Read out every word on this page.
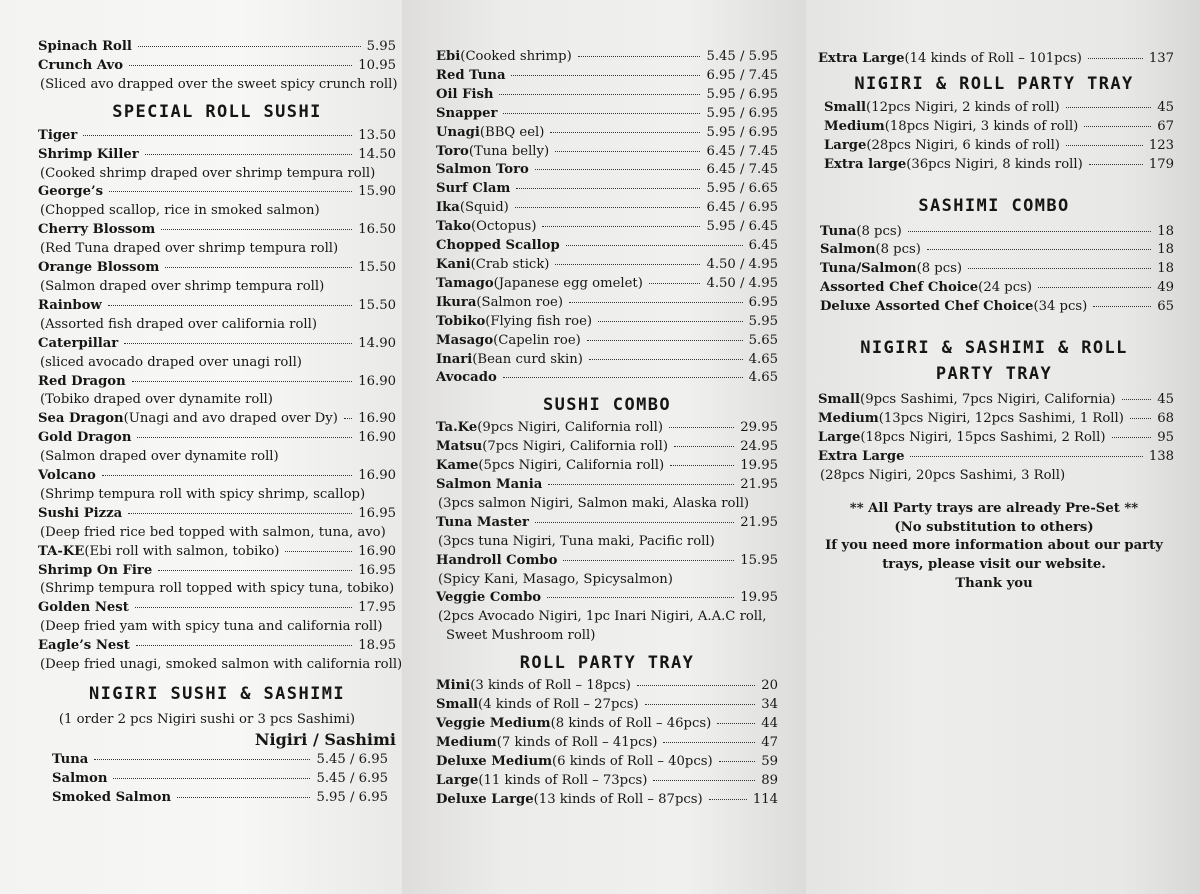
Spinach Roll	5.95
Crunch Avo	10.95
(Sliced avo drapped over the sweet spicy crunch roll)
SPECIAL ROLL SUSHI
Tiger	13.50
Shrimp Killer	14.50
(Cooked shrimp draped over shrimp tempura roll)
George’s	15.90
(Chopped scallop, rice in smoked salmon)
Cherry Blossom	16.50
(Red Tuna draped over shrimp tempura roll)
Orange Blossom	15.50
(Salmon draped over shrimp tempura roll)
Rainbow	15.50
(Assorted fish draped over california roll)
Caterpillar	14.90
(sliced avocado draped over unagi roll)
Red Dragon	16.90
(Tobiko draped over dynamite roll)
Sea Dragon (Unagi and avo draped over Dy) 16.90
Gold Dragon	16.90
(Salmon draped over dynamite roll)
Volcano	16.90
(Shrimp tempura roll with spicy shrimp, scallop)
Sushi Pizza	16.95
(Deep fried rice bed topped with salmon, tuna, avo)
TA-KE (Ebi roll with salmon, tobiko)	16.90
Shrimp On Fire	16.95
(Shrimp tempura roll topped with spicy tuna, tobiko)
Golden Nest	17.95
(Deep fried yam with spicy tuna and california roll)
Eagle’s Nest	18.95
(Deep fried unagi, smoked salmon with california roll)
NIGIRI SUSHI & SASHIMI
(1 order 2 pcs Nigiri sushi or 3 pcs Sashimi)
Nigiri / Sashimi
Tuna	5.45 / 6.95
Salmon	5.45 / 6.95
Smoked Salmon	5.95 / 6.95
Ebi (Cooked shrimp)	5.45 / 5.95
Red Tuna	6.95 / 7.45
Oil Fish	5.95 / 6.95
Snapper	5.95 / 6.95
Unagi (BBQ eel)	5.95 / 6.95
Toro (Tuna belly)	6.45 / 7.45
Salmon Toro	6.45 / 7.45
Surf Clam	5.95 / 6.65
Ika (Squid)	6.45 / 6.95
Tako (Octopus)	5.95 / 6.45
Chopped Scallop	6.45
Kani (Crab stick)	4.50 / 4.95
Tamago (Japanese egg omelet)	4.50 / 4.95
Ikura (Salmon roe)	6.95
Tobiko (Flying fish roe)	5.95
Masago (Capelin roe)	5.65
Inari (Bean curd skin)	4.65
Avocado	4.65
SUSHI COMBO
Ta.Ke (9pcs Nigiri, California roll)	29.95
Matsu (7pcs Nigiri, California roll)	24.95
Kame (5pcs Nigiri, California roll)	19.95
Salmon Mania	21.95
(3pcs salmon Nigiri, Salmon maki, Alaska roll)
Tuna Master	21.95
(3pcs tuna Nigiri, Tuna maki, Pacific roll)
Handroll Combo	15.95
(Spicy Kani, Masago, Spicysalmon)
Veggie Combo	19.95
(2pcs Avocado Nigiri, 1pc Inari Nigiri, A.A.C roll,
Sweet Mushroom roll)
ROLL PARTY TRAY
Mini (3 kinds of Roll – 18pcs)	20
Small (4 kinds of Roll – 27pcs)	34
Veggie Medium (8 kinds of Roll – 46pcs)	44
Medium (7 kinds of Roll – 41pcs)	47
Deluxe Medium (6 kinds of Roll – 40pcs)	59
Large (11 kinds of Roll – 73pcs)	89
Deluxe Large (13 kinds of Roll – 87pcs)	114
Extra Large (14 kinds of Roll – 101pcs)	137
NIGIRI & ROLL PARTY TRAY
Small (12pcs Nigiri, 2 kinds of roll)	45
Medium (18pcs Nigiri, 3 kinds of roll)	67
Large (28pcs Nigiri, 6 kinds of roll)	123
Extra large (36pcs Nigiri, 8 kinds roll)	179
SASHIMI COMBO
Tuna (8 pcs)	18
Salmon (8 pcs)	18
Tuna/Salmon (8 pcs)	18
Assorted Chef Choice (24 pcs)	49
Deluxe Assorted Chef Choice (34 pcs)	65
NIGIRI & SASHIMI & ROLL
PARTY TRAY
Small (9pcs Sashimi, 7pcs Nigiri, California)	45
Medium (13pcs Nigiri, 12pcs Sashimi, 1 Roll)	68
Large (18pcs Nigiri, 15pcs Sashimi, 2 Roll)	95
Extra Large	138
(28pcs Nigiri, 20pcs Sashimi, 3 Roll)
** All Party trays are already Pre-Set **
(No substitution to others)
If you need more information about our party
trays, please visit our website.
Thank you
